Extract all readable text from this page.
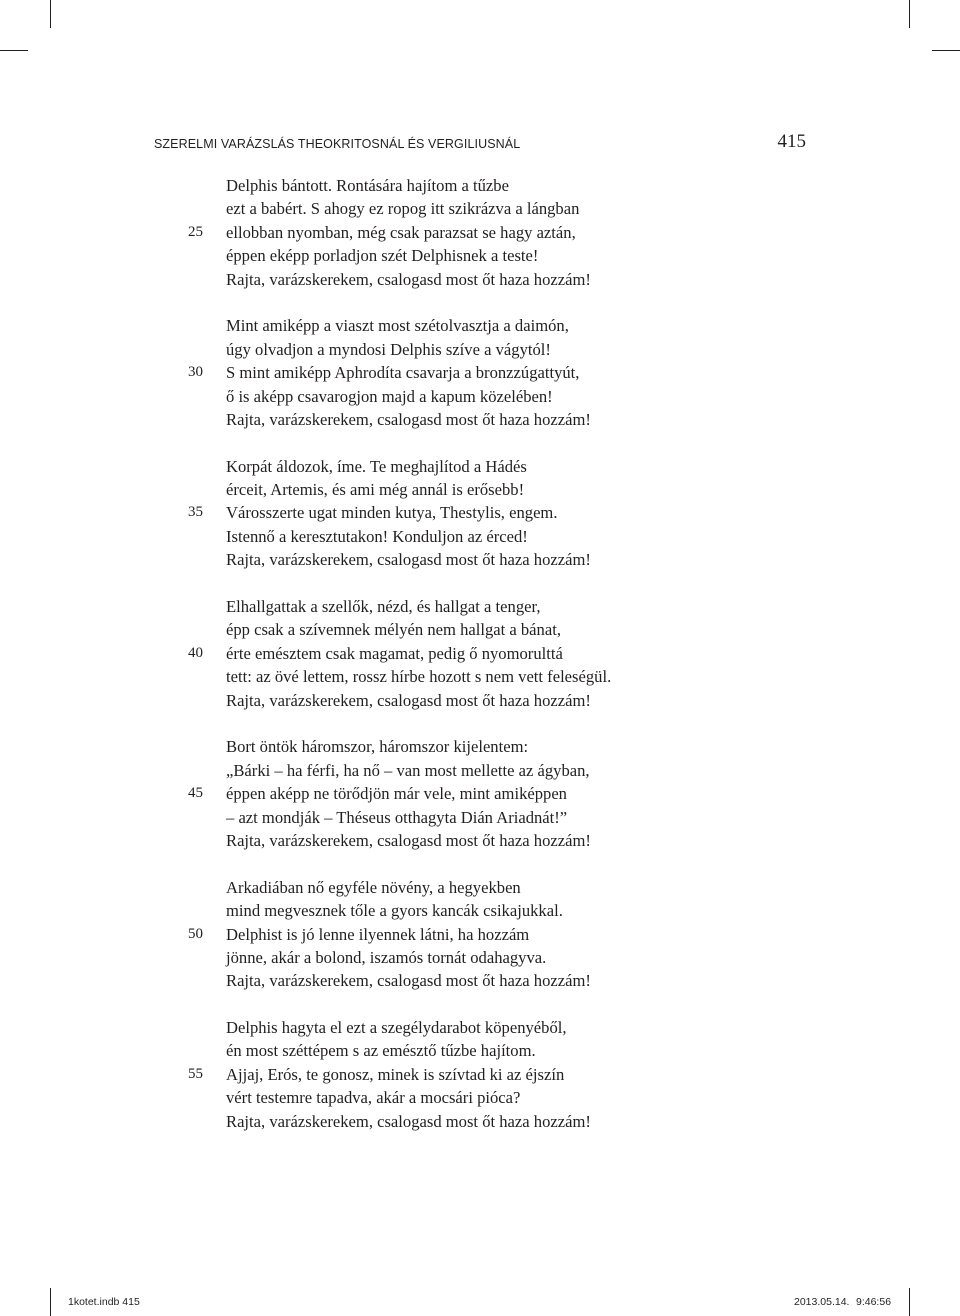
SZERELMI VARÁZSLÁS THEOKRITOSNÁL ÉS VERGILIUSNÁL	415
Delphis bántott. Rontására hajítom a tűzbe
ezt a babért. S ahogy ez ropog itt szikrázva a lángban
25 ellobban nyomban, még csak parazsat se hagy aztán,
éppen eképp porladjon szét Delphisnek a teste!
Rajta, varázskerekem, csalogasd most őt haza hozzám!
Mint amiképp a viaszt most szétolvasztja a daimón,
úgy olvadjon a myndosi Delphis szíve a vágytól!
30 S mint amiképp Aphrodíta csavarja a bronzzúgattyút,
ő is aképp csavarogjon majd a kapum közelében!
Rajta, varázskerekem, csalogasd most őt haza hozzám!
Korpát áldozok, íme. Te meghajlítod a Hádés
érceit, Artemis, és ami még annál is erősebb!
35 Városszerte ugat minden kutya, Thestylis, engem.
Istennő a keresztutakon! Konduljon az érced!
Rajta, varázskerekem, csalogasd most őt haza hozzám!
Elhallgattak a szellők, nézd, és hallgat a tenger,
épp csak a szívemnek mélyén nem hallgat a bánat,
40 érte emésztem csak magamat, pedig ő nyomorulttá
tett: az övé lettem, rossz hírbe hozott s nem vett feleségül.
Rajta, varázskerekem, csalogasd most őt haza hozzám!
Bort öntök háromszor, háromszor kijelentem:
„Bárki – ha férfi, ha nő – van most mellette az ágyban,
45 éppen aképp ne törődjön már vele, mint amiképpen
– azt mondják – Théseus otthagyta Dián Ariadnát!”
Rajta, varázskerekem, csalogasd most őt haza hozzám!
Arkadiában nő egyféle növény, a hegyekben
mind megvesznek tőle a gyors kancák csikajukkal.
50 Delphist is jó lenne ilyennek látni, ha hozzám
jönne, akár a bolond, iszamós tornát odahagyva.
Rajta, varázskerekem, csalogasd most őt haza hozzám!
Delphis hagyta el ezt a szegélydarabot köpenyéből,
én most széttépem s az emésztő tűzbe hajítom.
55 Ajjaj, Erós, te gonosz, minek is szívtad ki az éjszín
vért testemre tapadva, akár a mocsári pióca?
Rajta, varázskerekem, csalogasd most őt haza hozzám!
1kotet.indb 415	2013.05.14. 9:46:56
